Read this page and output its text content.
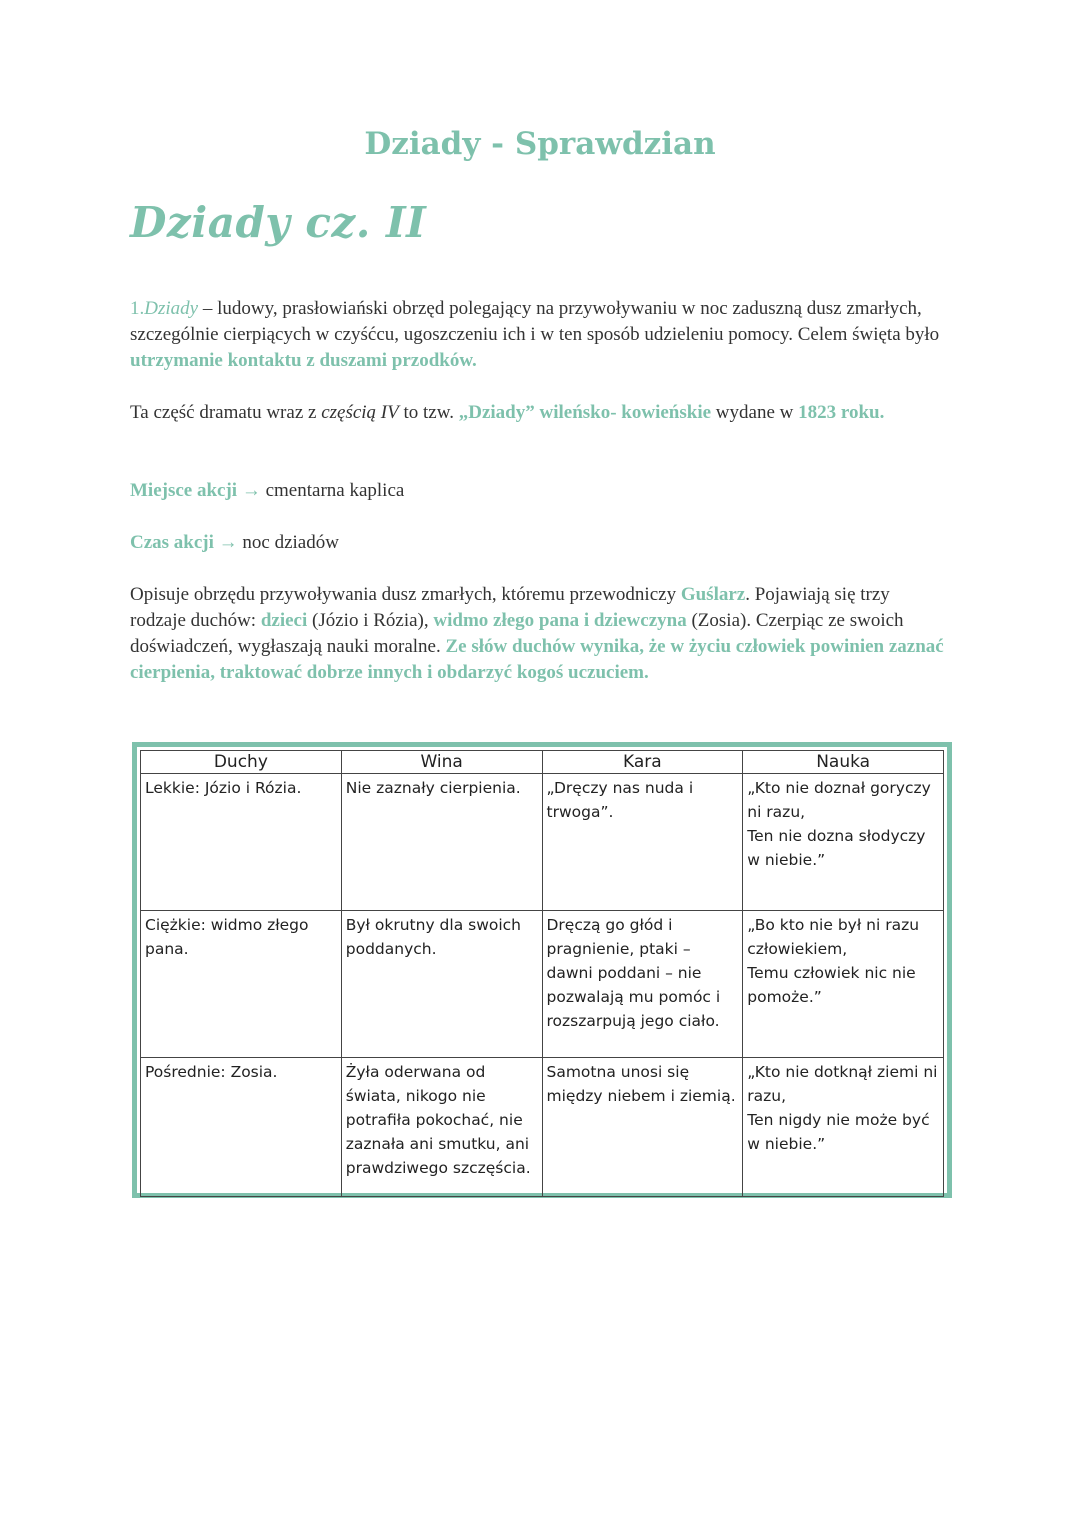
Dziady - Sprawdzian
Dziady cz. II

1.Dziady – ludowy, prasłowiański obrzęd polegający na przywoływaniu w noc zaduszną dusz zmarłych, szczególnie cierpiących w czyśćcu, ugoszczeniu ich i w ten sposób udzieleniu pomocy. Celem święta było utrzymanie kontaktu z duszami przodków.

Ta część dramatu wraz z częścią IV to tzw. „Dziady” wileńsko- kowieńskie wydane w 1823 roku.

Miejsce akcji → cmentarna kaplica

Czas akcji → noc dziadów

Opisuje obrzędu przywoływania dusz zmarłych, któremu przewodniczy Guślarz. Pojawiają się trzy rodzaje duchów: dzieci (Józio i Rózia), widmo złego pana i dziewczyna (Zosia). Czerpiąc ze swoich doświadczeń, wygłaszają nauki moralne. Ze słów duchów wynika, że w życiu człowiek powinien zaznać cierpienia, traktować dobrze innych i obdarzyć kogoś uczuciem.

Duchy	Wina	Kara	Nauka
Lekkie: Józio i Rózia.	Nie zaznały cierpienia.	„Dręczy nas nuda i trwoga”.	„Kto nie doznał goryczy ni razu,
Ten nie dozna słodyczy w niebie.”

Ciężkie: widmo złego pana.	Był okrutny dla swoich poddanych.	Dręczą go głód i pragnienie, ptaki – dawni poddani – nie pozwalają mu pomóc i rozszarpują jego ciało.	„Bo kto nie był ni razu człowiekiem,
Temu człowiek nic nie pomoże.”

Pośrednie: Zosia.	Żyła oderwana od świata, nikogo nie potrafiła pokochać, nie zaznała ani smutku, ani prawdziwego szczęścia.	Samotna unosi się między niebem i ziemią.	„Kto nie dotknął ziemi ni razu,
Ten nigdy nie może być w niebie.”
